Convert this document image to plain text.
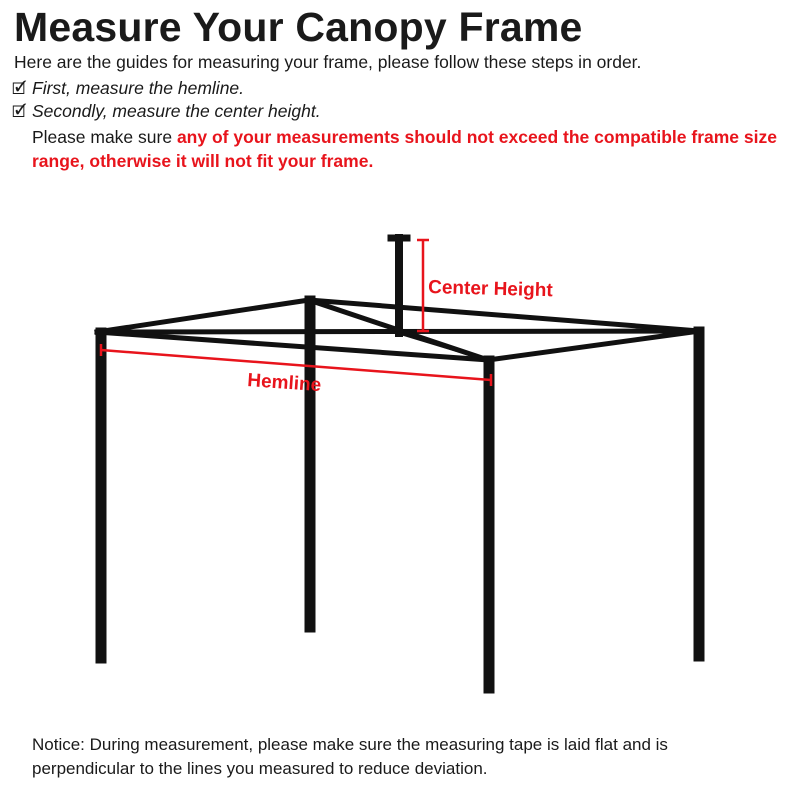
Measure Your Canopy Frame
Here are the guides for measuring your frame, please follow these steps in order.
🗹 First, measure the hemline.
🗹 Secondly, measure the center height.
Please make sure any of your measurements should not exceed the compatible frame size range, otherwise it will not fit your frame.
Center Height
Hemline
Notice: During measurement, please make sure the measuring tape is laid flat and is perpendicular to the lines you measured to reduce deviation.
